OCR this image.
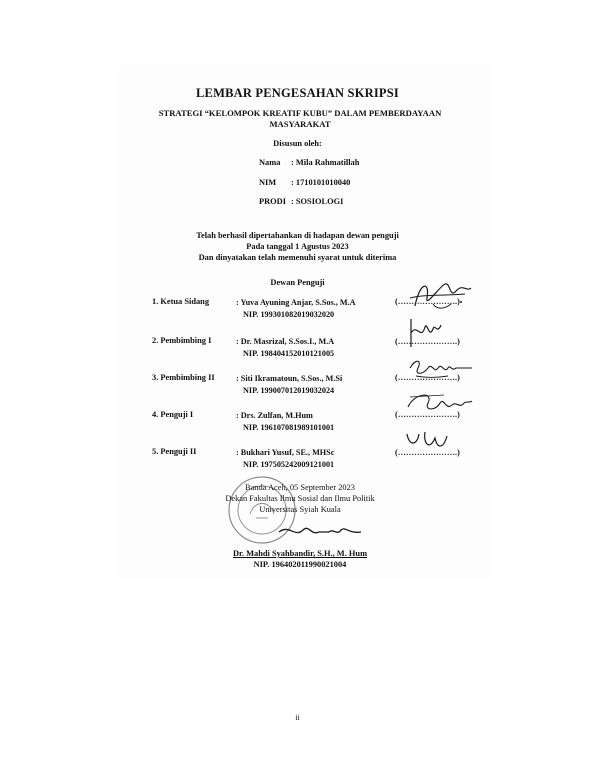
LEMBAR PENGESAHAN SKRIPSI
STRATEGI “KELOMPOK KREATIF KUBU” DALAM PEMBERDAYAAN MASYARAKAT
Disusun oleh:
Nama : Mila Rahmatillah
NIM : 1710101010040
PRODI : SOSIOLOGI
Telah berhasil dipertahankan di hadapan dewan penguji
Pada tanggal 1 Agustus 2023
Dan dinyatakan telah memenuhi syarat untuk diterima
Dewan Penguji
1. Ketua Sidang	: Yuva Ayuning Anjar, S.Sos., M.A
NIP. 199301082019032020
(………………….)
2. Pembimbing I	: Dr. Masrizal, S.Sos.I., M.A
NIP. 198404152010121005
(………………….)
3. Pembimbing II	: Siti Ikramatoun, S.Sos., M.Si
NIP. 199007012019032024
(………………….)
4. Penguji I	: Drs. Zulfan, M.Hum
NIP. 196107081989101001
(………………….)
5. Penguji II	: Bukhari Yusuf, SE., MHSc
NIP. 197505242009121001
(………………….)
Banda Aceh, 05 September 2023
Dekan Fakultas Ilmu Sosial dan Ilmu Politik
Universitas Syiah Kuala
Dr. Mahdi Syahbandir, S.H., M. Hum
NIP. 196402011990021004
ii
